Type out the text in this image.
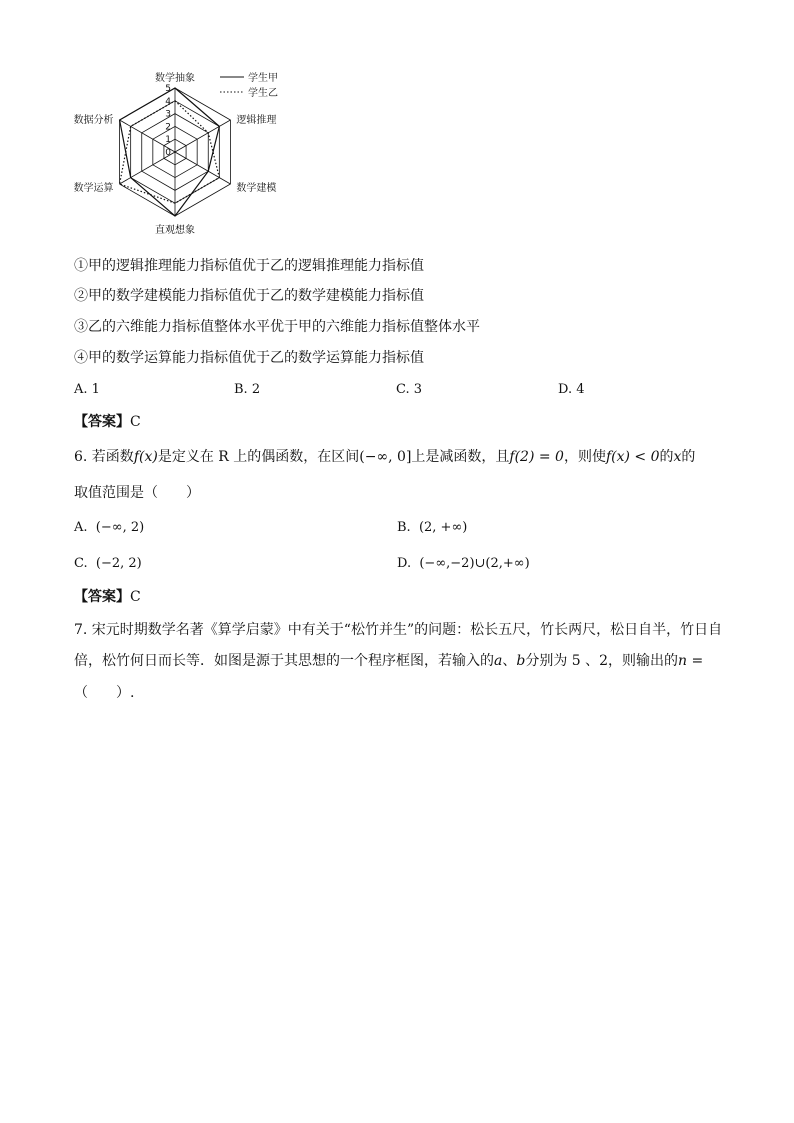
0
1
2
3
4
5
数学抽象
逻辑推理
数学建模
直观想象
数学运算
数据分析
学生甲
学生乙
①甲的逻辑推理能力指标值优于乙的逻辑推理能力指标值
②甲的数学建模能力指标值优于乙的数学建模能力指标值
③乙的六维能力指标值整体水平优于甲的六维能力指标值整体水平
④甲的数学运算能力指标值优于乙的数学运算能力指标值
A. 1	B. 2	C. 3	D. 4
【答案】C
6. 若函数f(x)是定义在 R 上的偶函数，在区间(−∞, 0]上是减函数，且f(2) = 0，则使f(x) < 0的x的
取值范围是（　　）
A. (−∞, 2)	B. (2, +∞)
C. (−2, 2)	D. (−∞,−2)∪(2,+∞)
【答案】C
7. 宋元时期数学名著《算学启蒙》中有关于“松竹并生”的问题：松长五尺，竹长两尺，松日自半，竹日自
倍，松竹何日而长等．如图是源于其思想的一个程序框图，若输入的a、b分别为 5 、2，则输出的n =
（　　）.
